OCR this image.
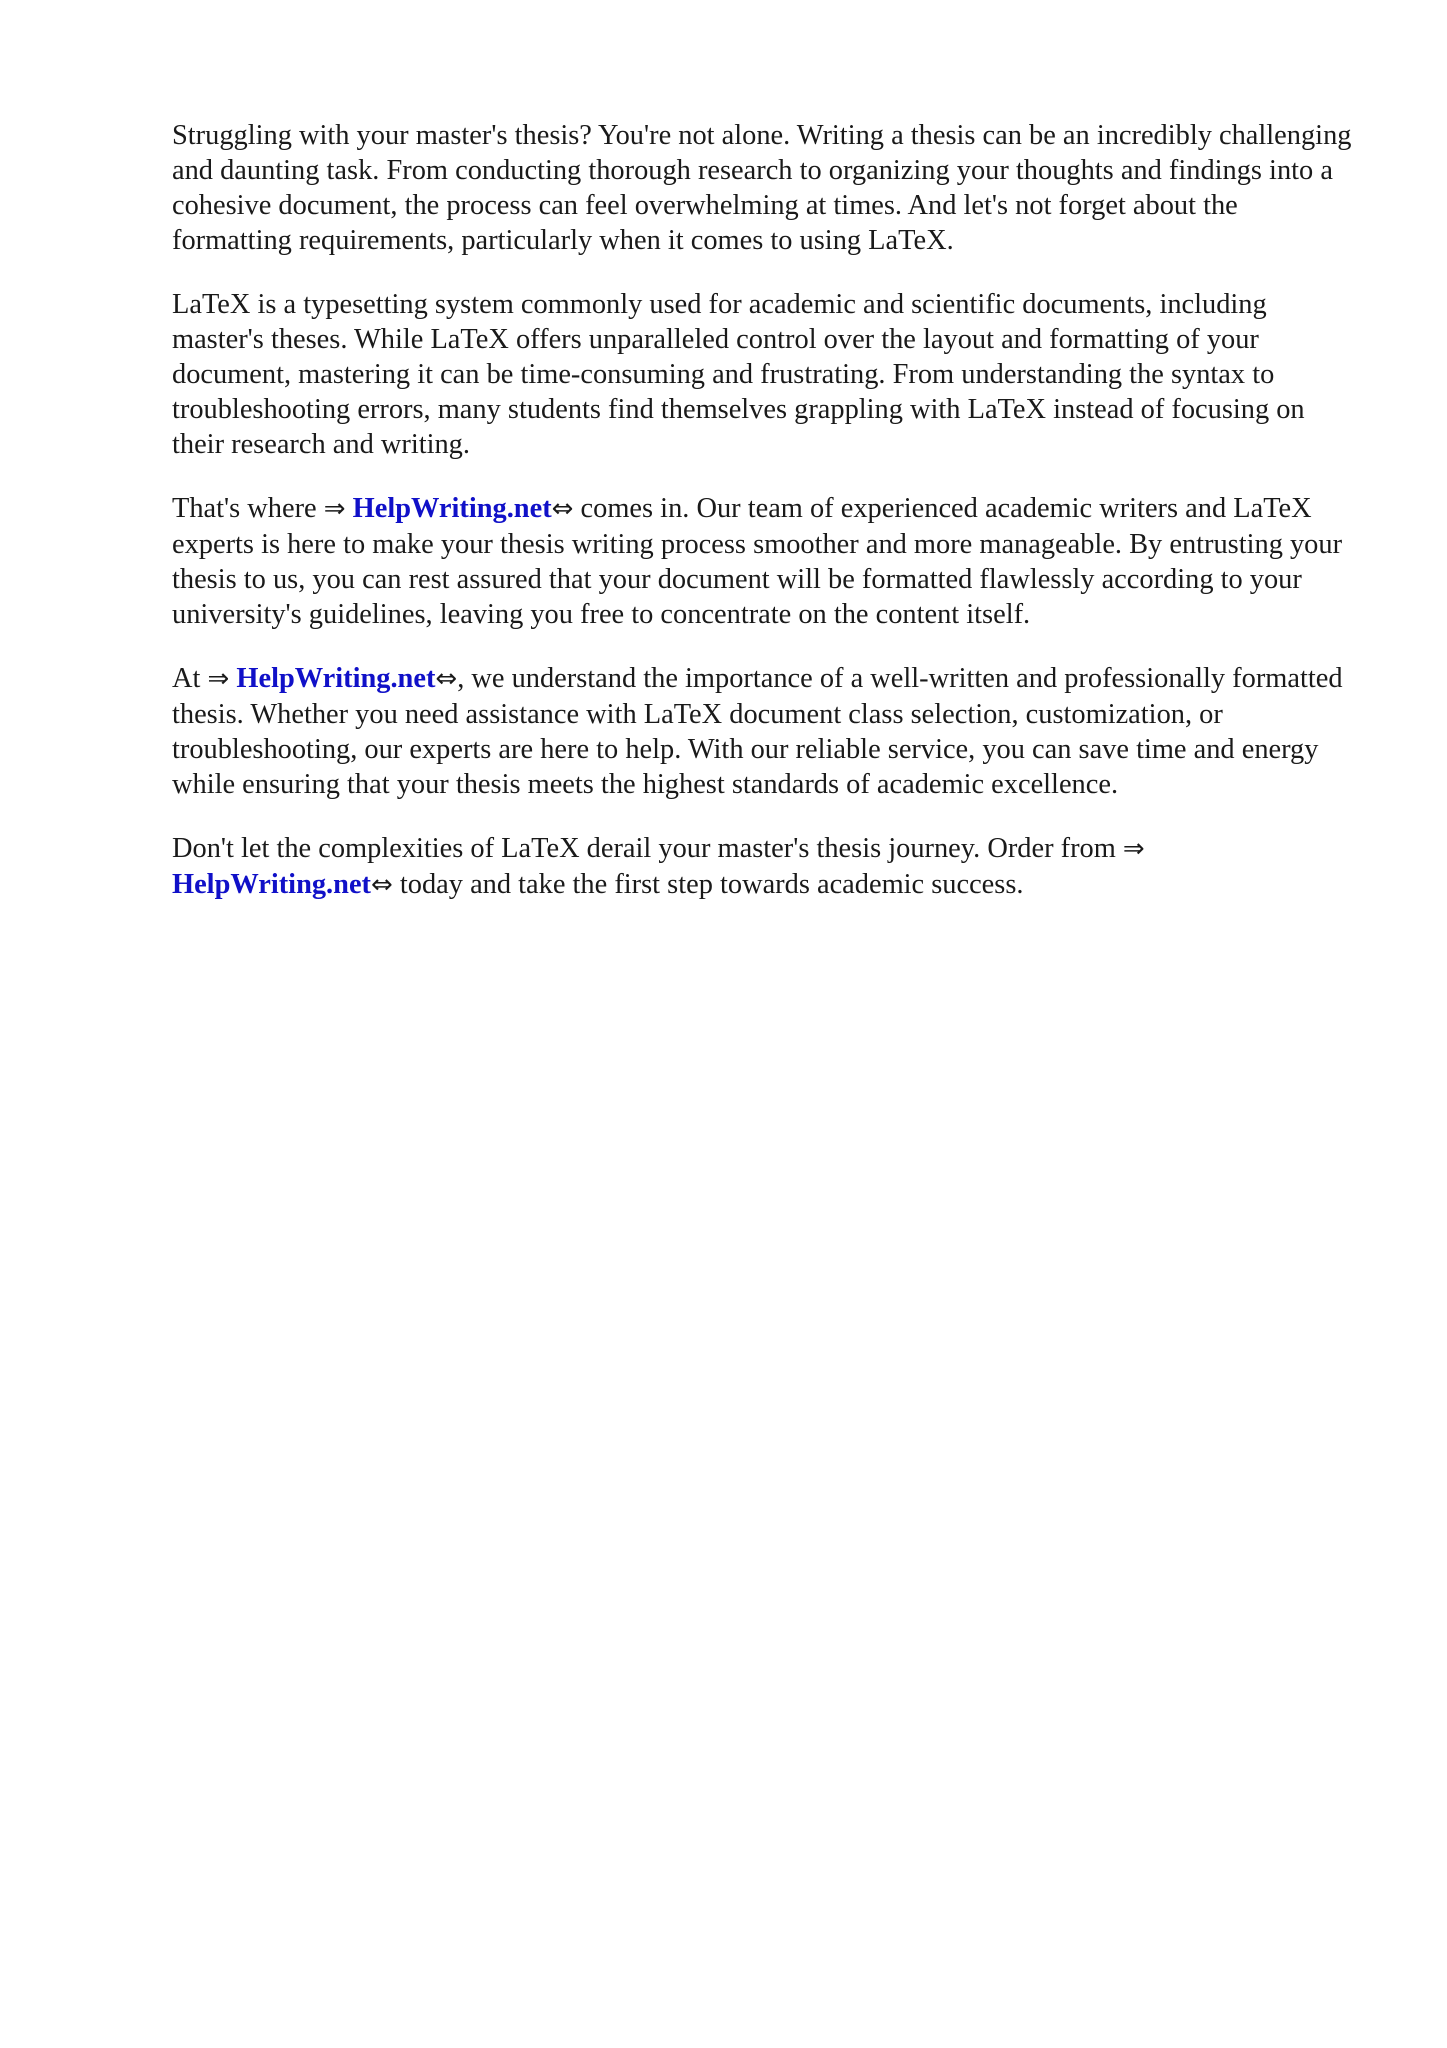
Struggling with your master's thesis? You're not alone. Writing a thesis can be an incredibly challenging and daunting task. From conducting thorough research to organizing your thoughts and findings into a cohesive document, the process can feel overwhelming at times. And let's not forget about the formatting requirements, particularly when it comes to using LaTeX.

LaTeX is a typesetting system commonly used for academic and scientific documents, including master's theses. While LaTeX offers unparalleled control over the layout and formatting of your document, mastering it can be time-consuming and frustrating. From understanding the syntax to troubleshooting errors, many students find themselves grappling with LaTeX instead of focusing on their research and writing.

That's where ⇒ HelpWriting.net⇔ comes in. Our team of experienced academic writers and LaTeX experts is here to make your thesis writing process smoother and more manageable. By entrusting your thesis to us, you can rest assured that your document will be formatted flawlessly according to your university's guidelines, leaving you free to concentrate on the content itself.

At ⇒ HelpWriting.net⇔, we understand the importance of a well-written and professionally formatted thesis. Whether you need assistance with LaTeX document class selection, customization, or troubleshooting, our experts are here to help. With our reliable service, you can save time and energy while ensuring that your thesis meets the highest standards of academic excellence.

Don't let the complexities of LaTeX derail your master's thesis journey. Order from ⇒ HelpWriting.net⇔ today and take the first step towards academic success.
